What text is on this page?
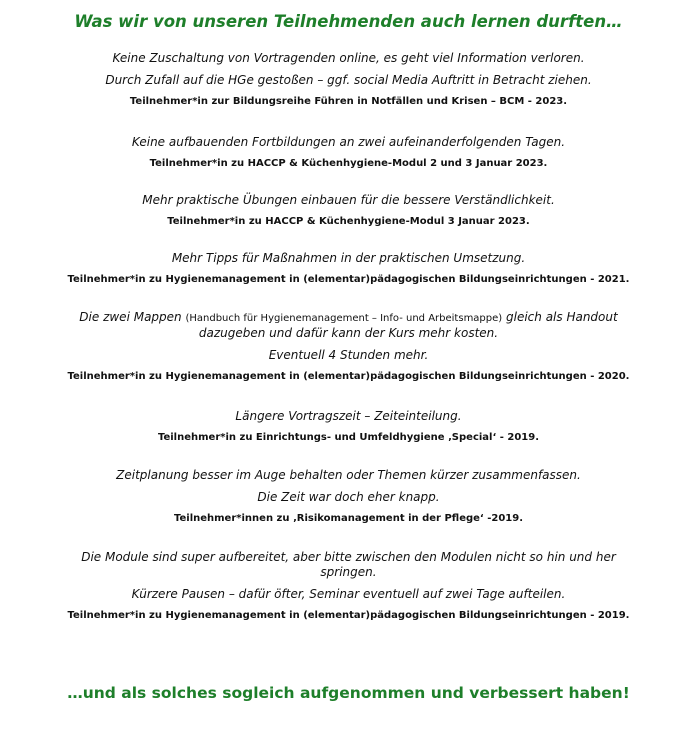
Was wir von unseren Teilnehmenden auch lernen durften…

Keine Zuschaltung von Vortragenden online, es geht viel Information verloren.

Durch Zufall auf die HGe gestoßen – ggf. social Media Auftritt in Betracht ziehen.

Teilnehmer*in zur Bildungsreihe Führen in Notfällen und Krisen – BCM - 2023.

Keine aufbauenden Fortbildungen an zwei aufeinanderfolgenden Tagen.

Teilnehmer*in zu HACCP & Küchenhygiene-Modul 2 und 3 Januar 2023.

Mehr praktische Übungen einbauen für die bessere Verständlichkeit.

Teilnehmer*in zu HACCP & Küchenhygiene-Modul 3 Januar 2023.

Mehr Tipps für Maßnahmen in der praktischen Umsetzung.

Teilnehmer*in zu Hygienemanagement in (elementar)pädagogischen Bildungseinrichtungen - 2021.

Die zwei Mappen (Handbuch für Hygienemanagement – Info- und Arbeitsmappe) gleich als Handout dazugeben und dafür kann der Kurs mehr kosten.

Eventuell 4 Stunden mehr.

Teilnehmer*in zu Hygienemanagement in (elementar)pädagogischen Bildungseinrichtungen - 2020.

Längere Vortragszeit – Zeiteinteilung.

Teilnehmer*in zu Einrichtungs- und Umfeldhygiene ‚Special‘ - 2019.

Zeitplanung besser im Auge behalten oder Themen kürzer zusammenfassen.

Die Zeit war doch eher knapp.

Teilnehmer*innen zu ‚Risikomanagement in der Pflege‘ -2019.

Die Module sind super aufbereitet, aber bitte zwischen den Modulen nicht so hin und her springen.

Kürzere Pausen – dafür öfter, Seminar eventuell auf zwei Tage aufteilen.

Teilnehmer*in zu Hygienemanagement in (elementar)pädagogischen Bildungseinrichtungen - 2019.

…und als solches sogleich aufgenommen und verbessert haben!
